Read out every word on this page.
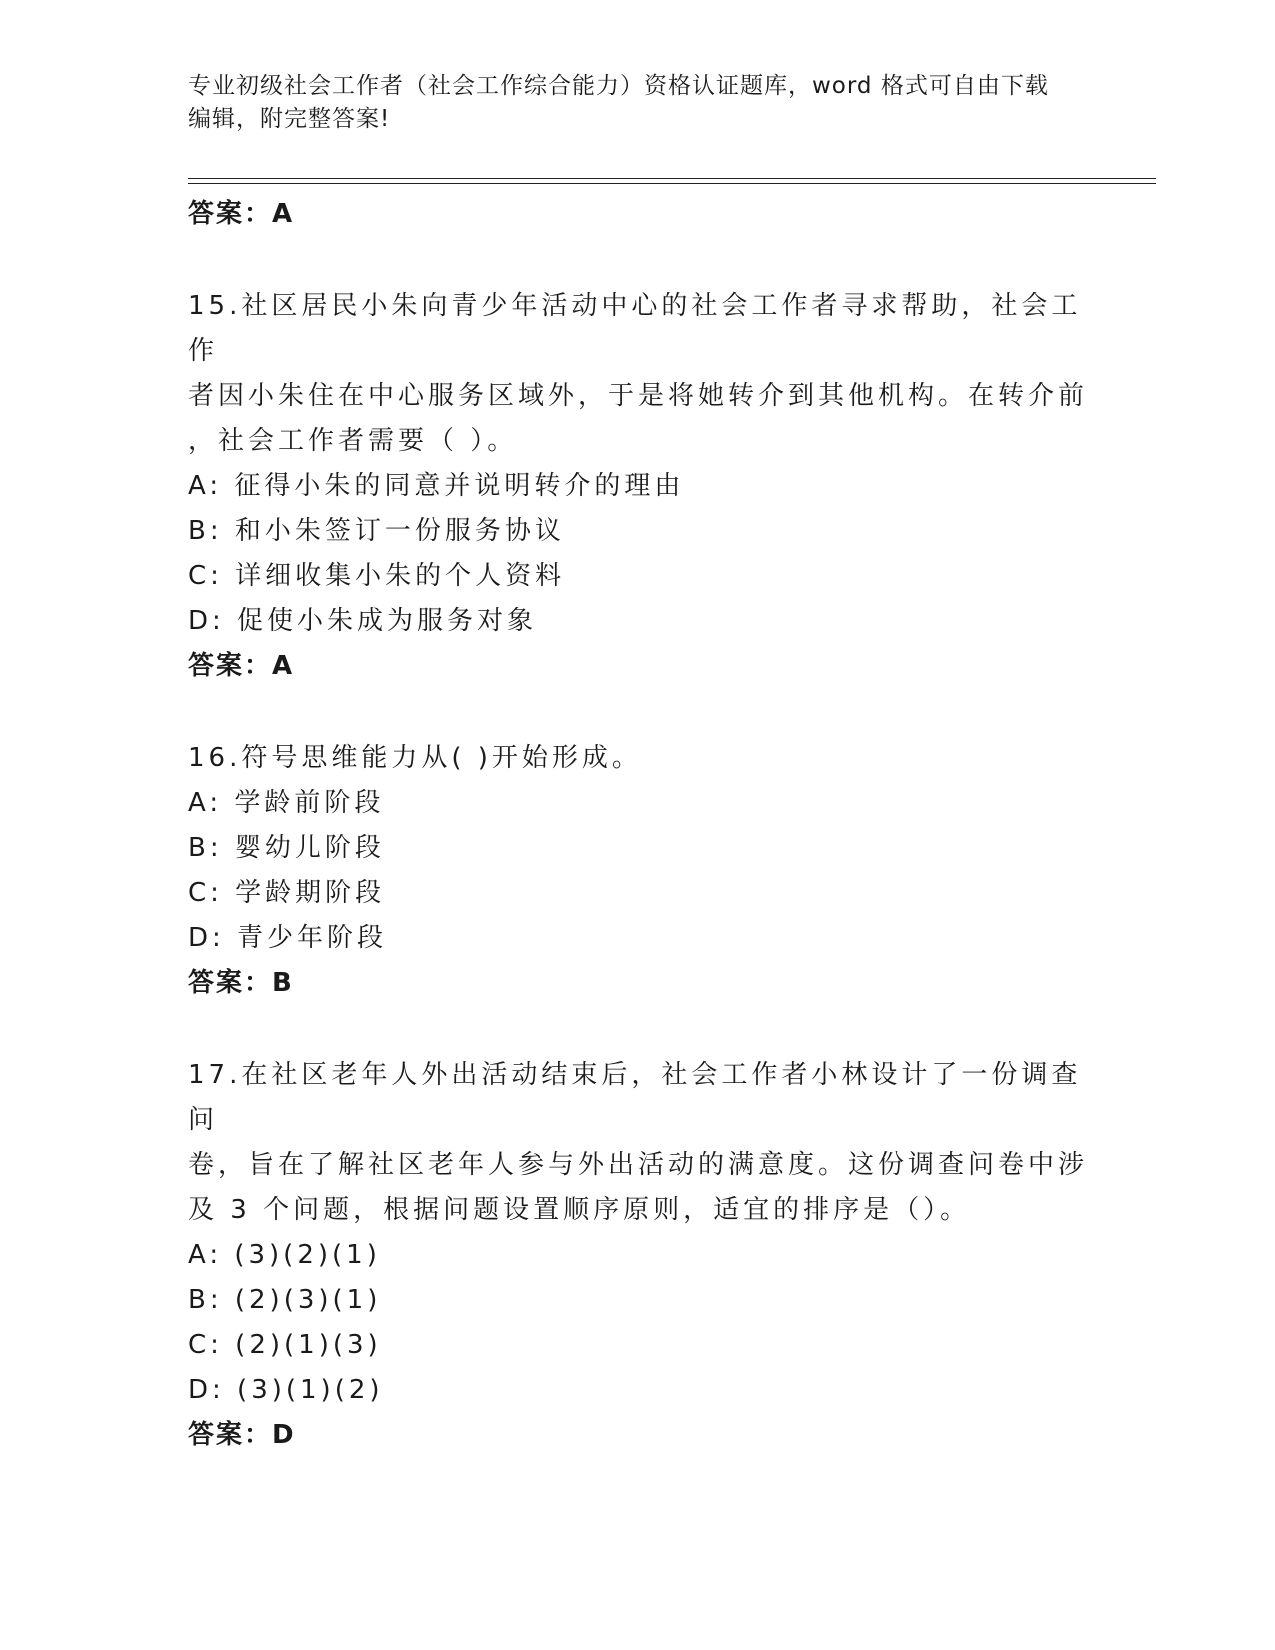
专业初级社会工作者（社会工作综合能力）资格认证题库，word 格式可自由下载
编辑，附完整答案!
答案：A
15.社区居民小朱向青少年活动中心的社会工作者寻求帮助，社会工作
者因小朱住在中心服务区域外，于是将她转介到其他机构。在转介前
，社会工作者需要（ ）。
A: 征得小朱的同意并说明转介的理由
B: 和小朱签订一份服务协议
C: 详细收集小朱的个人资料
D: 促使小朱成为服务对象
答案：A
16.符号思维能力从( )开始形成。
A: 学龄前阶段
B: 婴幼儿阶段
C: 学龄期阶段
D: 青少年阶段
答案：B
17.在社区老年人外出活动结束后，社会工作者小林设计了一份调查问
卷，旨在了解社区老年人参与外出活动的满意度。这份调查问卷中涉
及 3 个问题，根据问题设置顺序原则，适宜的排序是（）。
A: (3)(2)(1)
B: (2)(3)(1)
C: (2)(1)(3)
D: (3)(1)(2)
答案：D
